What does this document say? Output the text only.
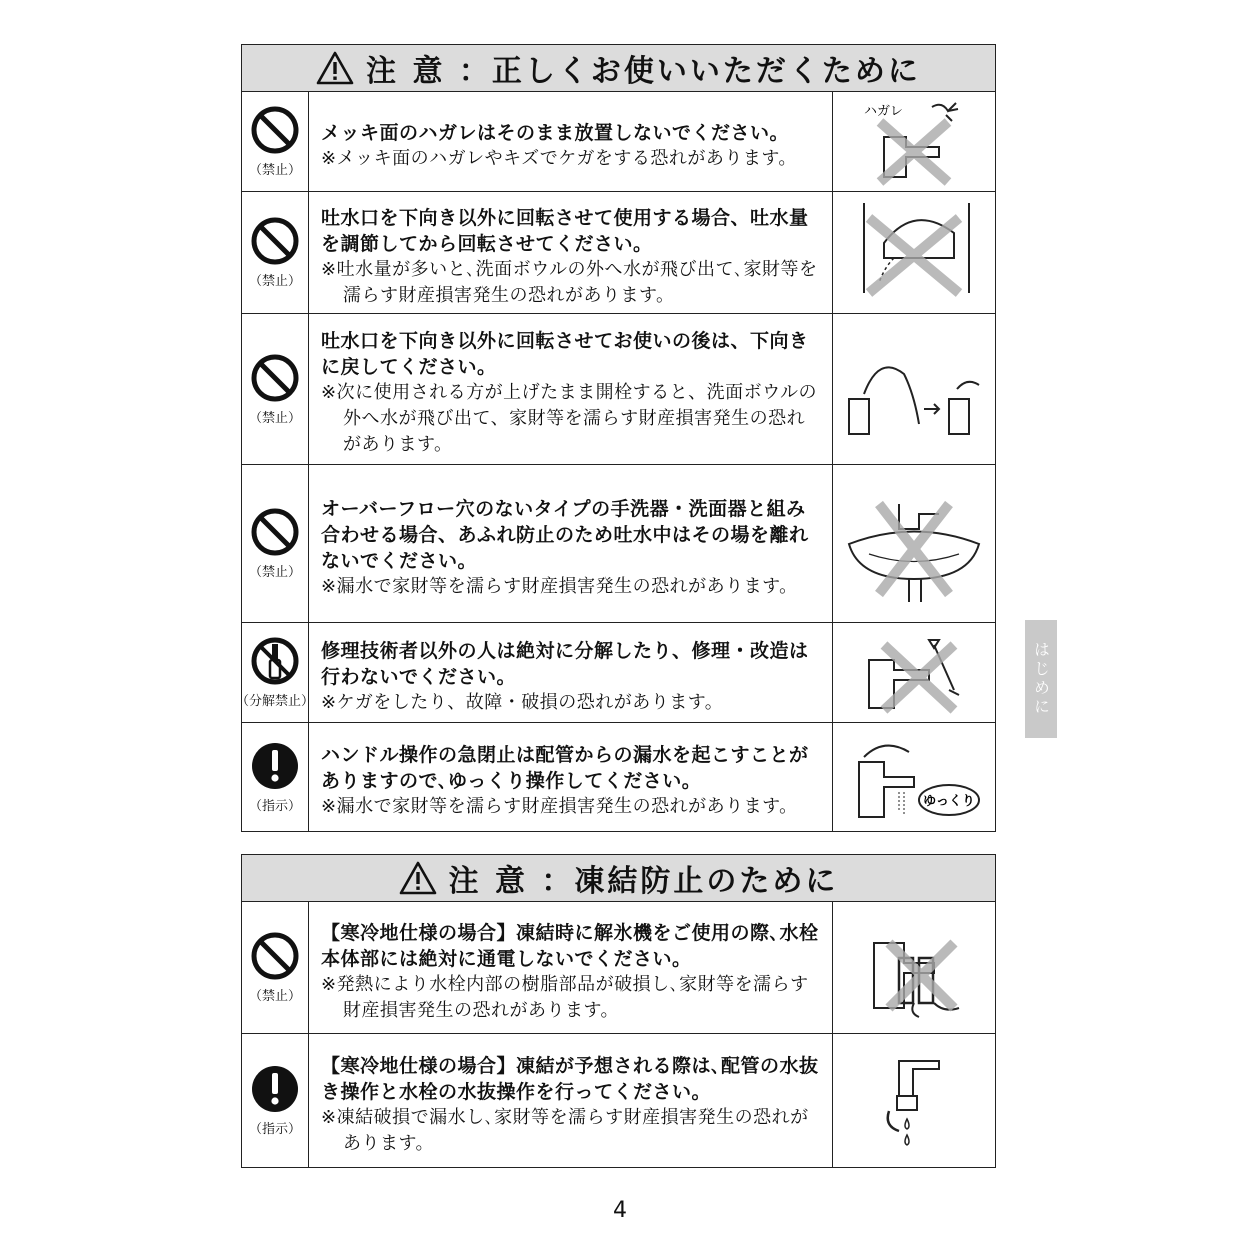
注 意 ：正しくお使いいただくために
（禁止）
メッキ面のハガレはそのまま放置しないでください。
※メッキ面のハガレやキズでケガをする恐れがあります。
ハガレ
（禁止）
吐水口を下向き以外に回転させて使用する場合、吐水量を調節してから回転させてください。
※吐水量が多いと､洗面ボウルの外へ水が飛び出て､家財等を濡らす財産損害発生の恐れがあります。
（禁止）
吐水口を下向き以外に回転させてお使いの後は、下向きに戻してください。
※次に使用される方が上げたまま開栓すると、洗面ボウルの外へ水が飛び出て、家財等を濡らす財産損害発生の恐れがあります。
（禁止）
オーバーフロー穴のないタイプの手洗器・洗面器と組み合わせる場合、あふれ防止のため吐水中はその場を離れないでください。
※漏水で家財等を濡らす財産損害発生の恐れがあります。
（分解禁止）
修理技術者以外の人は絶対に分解したり、修理・改造は行わないでください。
※ケガをしたり、故障・破損の恐れがあります。
（指示）
ハンドル操作の急閉止は配管からの漏水を起こすことがありますので､ゆっくり操作してください。
※漏水で家財等を濡らす財産損害発生の恐れがあります。	ゆっくり
注 意 ：凍結防止のために
（禁止）
【寒冷地仕様の場合】凍結時に解氷機をご使用の際､水栓本体部には絶対に通電しないでください。
※発熱により水栓内部の樹脂部品が破損し､家財等を濡らす財産損害発生の恐れがあります。
（指示）
【寒冷地仕様の場合】凍結が予想される際は､配管の水抜き操作と水栓の水抜操作を行ってください。
※凍結破損で漏水し､家財等を濡らす財産損害発生の恐れがあります。
はじめに
4
